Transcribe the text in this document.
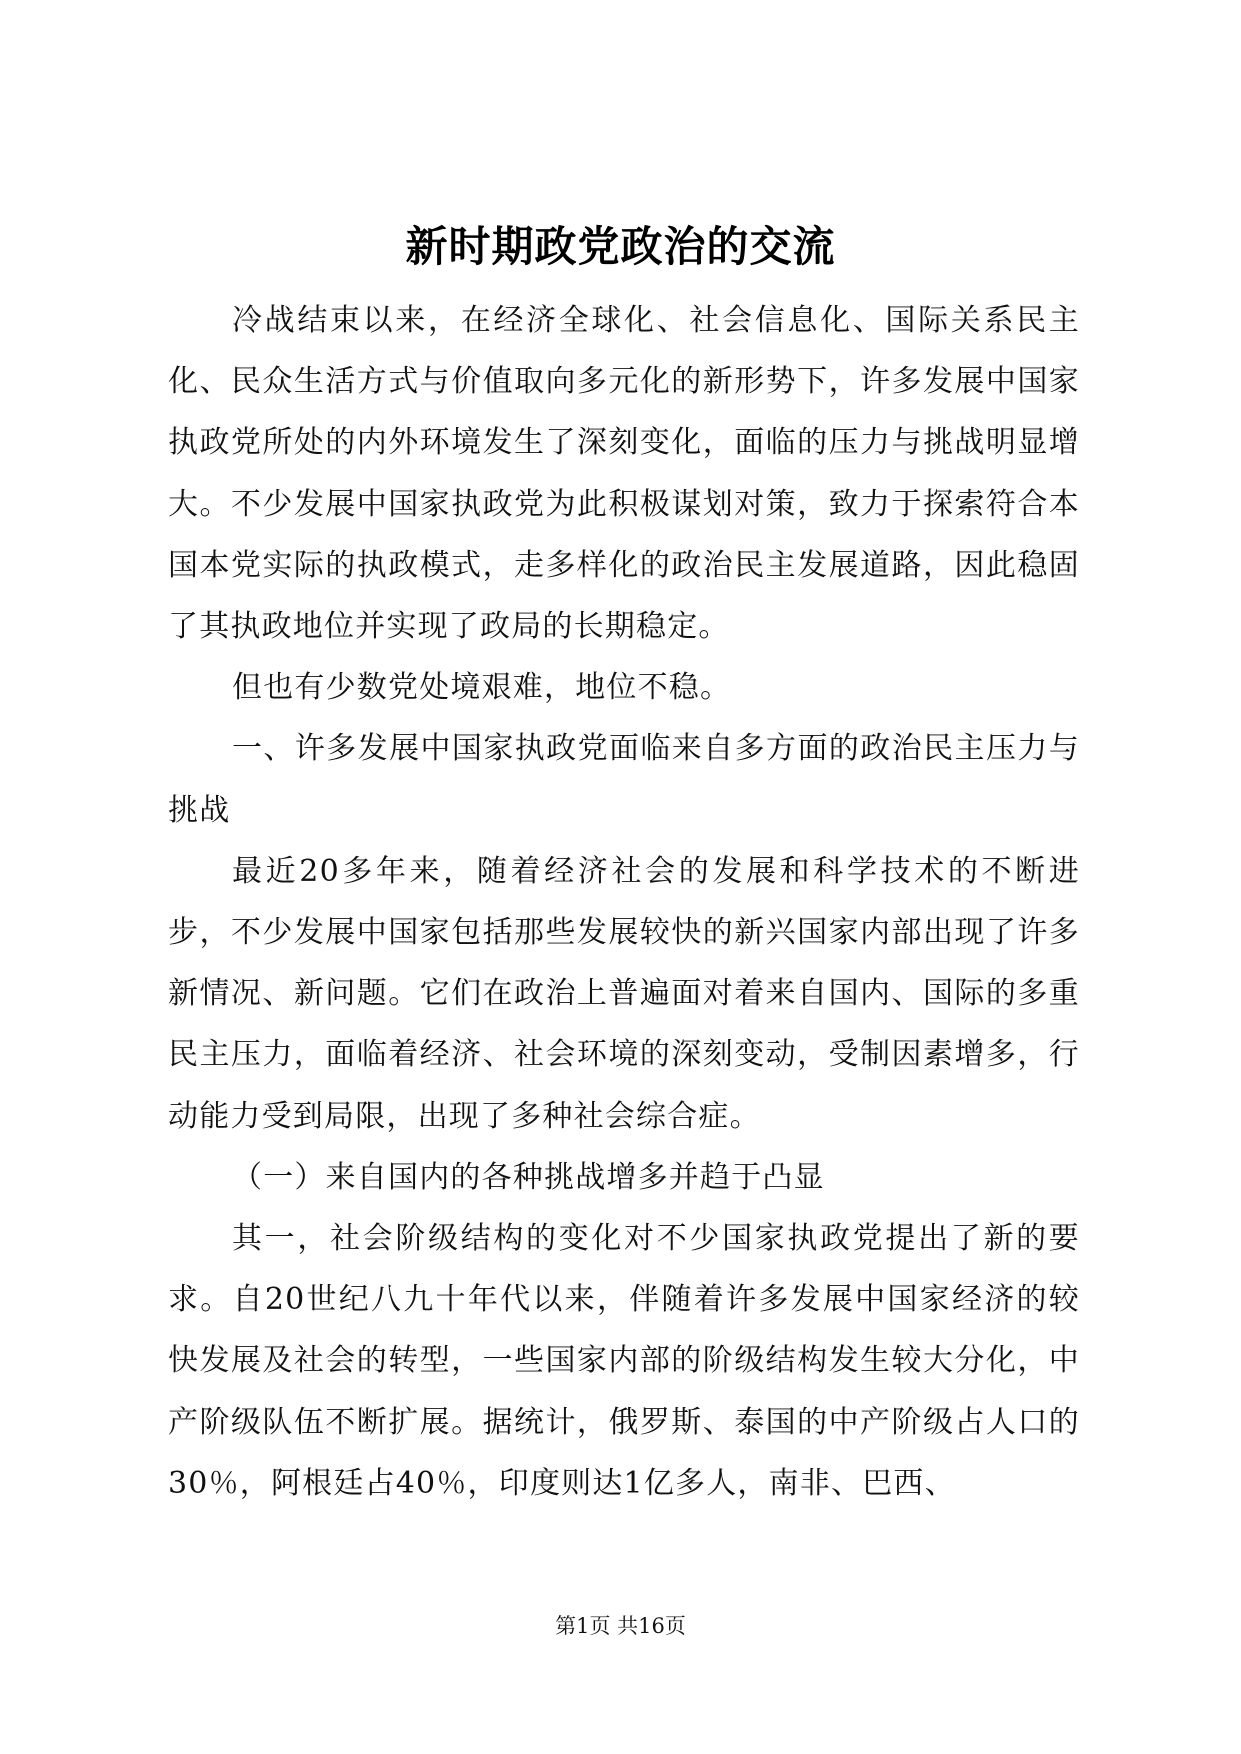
新时期政党政治的交流

冷战结束以来，在经济全球化、社会信息化、国际关系民主化、民众生活方式与价值取向多元化的新形势下，许多发展中国家执政党所处的内外环境发生了深刻变化，面临的压力与挑战明显增大。不少发展中国家执政党为此积极谋划对策，致力于探索符合本国本党实际的执政模式，走多样化的政治民主发展道路，因此稳固了其执政地位并实现了政局的长期稳定。

但也有少数党处境艰难，地位不稳。

一、许多发展中国家执政党面临来自多方面的政治民主压力与挑战

最近20多年来，随着经济社会的发展和科学技术的不断进步，不少发展中国家包括那些发展较快的新兴国家内部出现了许多新情况、新问题。它们在政治上普遍面对着来自国内、国际的多重民主压力，面临着经济、社会环境的深刻变动，受制因素增多，行动能力受到局限，出现了多种社会综合症。

（一）来自国内的各种挑战增多并趋于凸显

其一，社会阶级结构的变化对不少国家执政党提出了新的要求。自20世纪八九十年代以来，伴随着许多发展中国家经济的较快发展及社会的转型，一些国家内部的阶级结构发生较大分化，中产阶级队伍不断扩展。据统计，俄罗斯、泰国的中产阶级占人口的30％，阿根廷占40％，印度则达1亿多人，南非、巴西、

第1页 共16页
